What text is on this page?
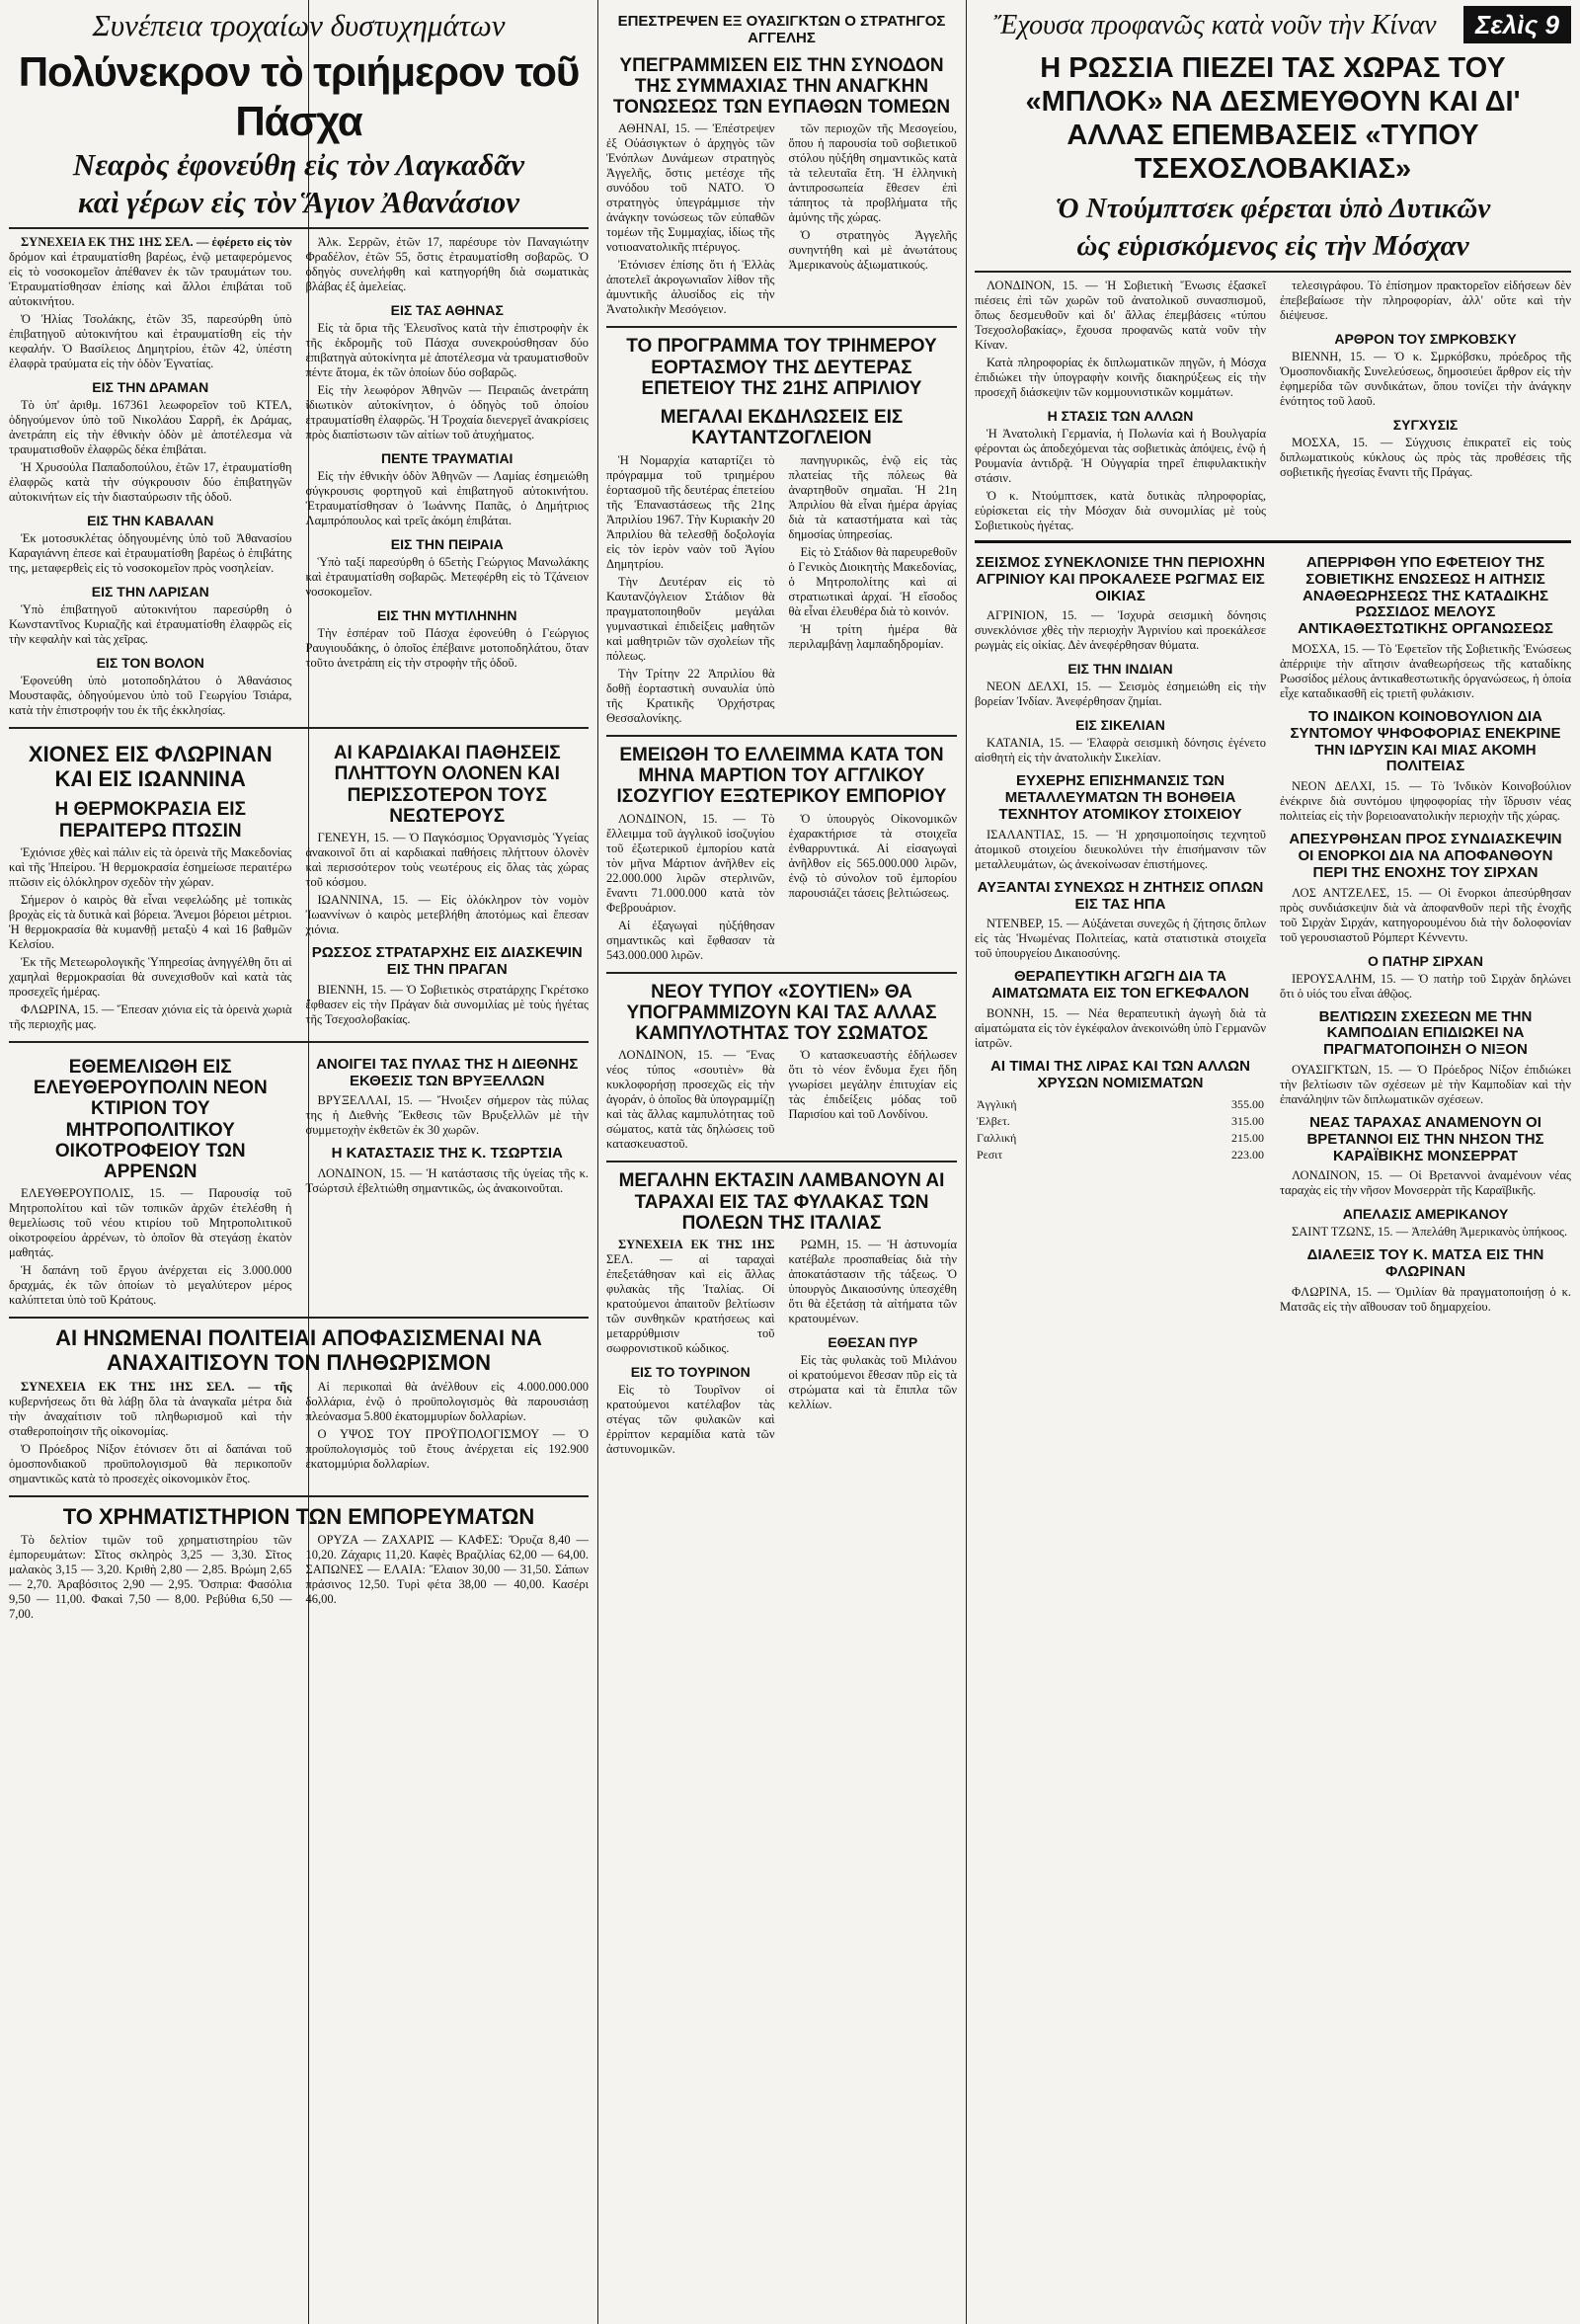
Συνέπεια τροχαίων δυστυχημάτων
Πολύνεκρον τὸ τριήμερον τοῦ Πάσχα
Νεαρὸς ἐφονεύθη εἰς τὸν Λαγκαδᾶν
καὶ γέρων εἰς τὸν Ἅγιον Ἀθανάσιον

ΣΥΝΕΧΕΙΑ ΕΚ ΤΗΣ 1ΗΣ ΣΕΛ. — ἐφέρετο εἰς τὸν δρόμον καὶ ἐτραυματίσθη βαρέως, ἐνῷ μεταφερόμενος εἰς τὸ νοσοκομεῖον ἀπέθανεν ἐκ τῶν τραυμάτων του. Ἐτραυματίσθησαν ἐπίσης καὶ ἄλλοι ἐπιβάται τοῦ αὐτοκινήτου.

Ὁ Ἠλίας Τσολάκης, ἐτῶν 35, παρεσύρθη ὑπὸ ἐπιβατηγοῦ αὐτοκινήτου καὶ ἐτραυματίσθη εἰς τὴν κεφαλήν. Ὁ Βασίλειος Δημητρίου, ἐτῶν 42, ὑπέστη ἐλαφρὰ τραύματα εἰς τὴν ὁδὸν Ἐγνατίας.

ΕΙΣ ΤΗΝ ΔΡΑΜΑΝ

Τὸ ὑπ' ἀριθμ. 167361 λεωφορεῖον τοῦ ΚΤΕΛ, ὁδηγούμενον ὑπὸ τοῦ Νικολάου Σαρρῆ, ἐκ Δράμας, ἀνετράπη εἰς τὴν ἐθνικὴν ὁδὸν μὲ ἀποτέλεσμα νὰ τραυματισθοῦν ἐλαφρῶς δέκα ἐπιβάται.

Ἡ Χρυσούλα Παπαδοπούλου, ἐτῶν 17, ἐτραυματίσθη ἐλαφρῶς κατὰ τὴν σύγκρουσιν δύο ἐπιβατηγῶν αὐτοκινήτων εἰς τὴν διασταύρωσιν τῆς ὁδοῦ.

ΕΙΣ ΤΗΝ ΚΑΒΑΛΑΝ

Ἐκ μοτοσυκλέτας ὁδηγουμένης ὑπὸ τοῦ Ἀθανασίου Καραγιάννη ἐπεσε καὶ ἐτραυματίσθη βαρέως ὁ ἐπιβάτης της, μεταφερθεὶς εἰς τὸ νοσοκομεῖον πρὸς νοσηλείαν.

ΕΙΣ ΤΗΝ ΛΑΡΙΣΑΝ

Ὑπὸ ἐπιβατηγοῦ αὐτοκινήτου παρεσύρθη ὁ Κωνσταντῖνος Κυριαζῆς καὶ ἐτραυματίσθη ἐλαφρῶς εἰς τὴν κεφαλὴν καὶ τὰς χεῖρας.

ΕΙΣ ΤΟΝ ΒΟΛΟΝ

Ἐφονεύθη ὑπὸ μοτοποδηλάτου ὁ Ἀθανάσιος Μουσταφᾶς, ὁδηγούμενου ὑπὸ τοῦ Γεωργίου Τσιάρα, κατὰ τὴν ἐπιστροφήν του ἐκ τῆς ἐκκλησίας.

Ἀλκ. Σερρῶν, ἐτῶν 17, παρέσυρε τὸν Παναγιώτην Φραδέλον, ἐτῶν 55, ὅστις ἐτραυματίσθη σοβαρῶς. Ὁ ὁδηγὸς συνελήφθη καὶ κατηγορήθη διὰ σωματικὰς βλάβας ἐξ ἀμελείας.

ΕΙΣ ΤΑΣ ΑΘΗΝΑΣ

Εἰς τὰ ὅρια τῆς Ἑλευσῖνος κατὰ τὴν ἐπιστροφὴν ἐκ τῆς ἐκδρομῆς τοῦ Πάσχα συνεκρούσθησαν δύο ἐπιβατηγὰ αὐτοκίνητα μὲ ἀποτέλεσμα νὰ τραυματισθοῦν πέντε ἄτομα, ἐκ τῶν ὁποίων δύο σοβαρῶς.

Εἰς τὴν λεωφόρον Ἀθηνῶν — Πειραιῶς ἀνετράπη ἰδιωτικὸν αὐτοκίνητον, ὁ ὁδηγὸς τοῦ ὁποίου ἐτραυματίσθη ἐλαφρῶς. Ἡ Τροχαία διενεργεῖ ἀνακρίσεις πρὸς διαπίστωσιν τῶν αἰτίων τοῦ ἀτυχήματος.

ΠΕΝΤΕ ΤΡΑΥΜΑΤΙΑΙ

Εἰς τὴν ἐθνικὴν ὁδὸν Ἀθηνῶν — Λαμίας ἐσημειώθη σύγκρουσις φορτηγοῦ καὶ ἐπιβατηγοῦ αὐτοκινήτου. Ἐτραυματίσθησαν ὁ Ἰωάννης Παπᾶς, ὁ Δημήτριος Λαμπρόπουλος καὶ τρεῖς ἀκόμη ἐπιβάται.

ΕΙΣ ΤΗΝ ΠΕΙΡΑΙΑ

Ὑπὸ ταξί παρεσύρθη ὁ 65ετὴς Γεώργιος Μανωλάκης καὶ ἐτραυματίσθη σοβαρῶς. Μετεφέρθη εἰς τὸ Τζάνειον νοσοκομεῖον.

ΕΙΣ ΤΗΝ ΜΥΤΙΛΗΝΗΝ

Τὴν ἑσπέραν τοῦ Πάσχα ἐφονεύθη ὁ Γεώργιος Ραυγιουδάκης, ὁ ὁποῖος ἐπέβαινε μοτοποδηλάτου, ὅταν τοῦτο ἀνετράπη εἰς τὴν στροφὴν τῆς ὁδοῦ.

ΧΙΟΝΕΣ ΕΙΣ ΦΛΩΡΙΝΑΝ ΚΑΙ ΕΙΣ ΙΩΑΝΝΙΝΑ
Η ΘΕΡΜΟΚΡΑΣΙΑ ΕΙΣ ΠΕΡΑΙΤΕΡΩ ΠΤΩΣΙΝ

Ἐχιόνισε χθὲς καὶ πάλιν εἰς τὰ ὀρεινὰ τῆς Μακεδονίας καὶ τῆς Ἠπείρου. Ἡ θερμοκρασία ἐσημείωσε περαιτέρω πτῶσιν εἰς ὁλόκληρον σχεδὸν τὴν χώραν.

Σήμερον ὁ καιρὸς θὰ εἶναι νεφελώδης μὲ τοπικὰς βροχὰς εἰς τὰ δυτικὰ καὶ βόρεια. Ἄνεμοι βόρειοι μέτριοι. Ἡ θερμοκρασία θὰ κυμανθῇ μεταξὺ 4 καὶ 16 βαθμῶν Κελσίου.

Ἐκ τῆς Μετεωρολογικῆς Ὑπηρεσίας ἀνηγγέλθη ὅτι αἱ χαμηλαὶ θερμοκρασίαι θὰ συνεχισθοῦν καὶ κατὰ τὰς προσεχεῖς ἡμέρας.

ΦΛΩΡΙΝΑ, 15. — Ἔπεσαν χιόνια εἰς τὰ ὀρεινὰ χωριὰ τῆς περιοχῆς μας.

ΑΙ ΚΑΡΔΙΑΚΑΙ ΠΑΘΗΣΕΙΣ ΠΛΗΤΤΟΥΝ ΟΛΟΝΕΝ ΚΑΙ ΠΕΡΙΣΣΟΤΕΡΟΝ ΤΟΥΣ ΝΕΩΤΕΡΟΥΣ

ΓΕΝΕΥΗ, 15. — Ὁ Παγκόσμιος Ὀργανισμὸς Ὑγείας ἀνακοινοῖ ὅτι αἱ καρδιακαὶ παθήσεις πλήττουν ὁλονὲν καὶ περισσότερον τοὺς νεωτέρους εἰς ὅλας τὰς χώρας τοῦ κόσμου.

ΙΩΑΝΝΙΝΑ, 15. — Εἰς ὁλόκληρον τὸν νομὸν Ἰωαννίνων ὁ καιρὸς μετεβλήθη ἀποτόμως καὶ ἔπεσαν χιόνια.

ΡΩΣΣΟΣ ΣΤΡΑΤΑΡΧΗΣ ΕΙΣ ΔΙΑΣΚΕΨΙΝ ΕΙΣ ΤΗΝ ΠΡΑΓΑΝ

ΒΙΕΝΝΗ, 15. — Ὁ Σοβιετικὸς στρατάρχης Γκρέτσκο ἔφθασεν εἰς τὴν Πράγαν διὰ συνομιλίας μὲ τοὺς ἡγέτας τῆς Τσεχοσλοβακίας.

ΕΘΕΜΕΛΙΩΘΗ ΕΙΣ ΕΛΕΥΘΕΡΟΥΠΟΛΙΝ ΝΕΟΝ ΚΤΙΡΙΟΝ ΤΟΥ ΜΗΤΡΟΠΟΛΙΤΙΚΟΥ ΟΙΚΟΤΡΟΦΕΙΟΥ ΤΩΝ ΑΡΡΕΝΩΝ

ΕΛΕΥΘΕΡΟΥΠΟΛΙΣ, 15. — Παρουσίᾳ τοῦ Μητροπολίτου καὶ τῶν τοπικῶν ἀρχῶν ἐτελέσθη ἡ θεμελίωσις τοῦ νέου κτιρίου τοῦ Μητροπολιτικοῦ οἰκοτροφείου ἀρρένων, τὸ ὁποῖον θὰ στεγάσῃ ἑκατὸν μαθητάς.

Ἡ δαπάνη τοῦ ἔργου ἀνέρχεται εἰς 3.000.000 δραχμάς, ἐκ τῶν ὁποίων τὸ μεγαλύτερον μέρος καλύπτεται ὑπὸ τοῦ Κράτους.

ΑΝΟΙΓΕΙ ΤΑΣ ΠΥΛΑΣ ΤΗΣ Η ΔΙΕΘΝΗΣ ΕΚΘΕΣΙΣ ΤΩΝ ΒΡΥΞΕΛΛΩΝ

ΒΡΥΞΕΛΛΑΙ, 15. — Ἤνοιξεν σήμερον τὰς πύλας της ἡ Διεθνὴς Ἔκθεσις τῶν Βρυξελλῶν μὲ τὴν συμμετοχὴν ἐκθετῶν ἐκ 30 χωρῶν.

Η ΚΑΤΑΣΤΑΣΙΣ ΤΗΣ Κ. ΤΣΩΡΤΣΙΑ

ΛΟΝΔΙΝΟΝ, 15. — Ἡ κατάστασις τῆς ὑγείας τῆς κ. Τσώρτσιλ ἐβελτιώθη σημαντικῶς, ὡς ἀνακοινοῦται.

ΑΙ ΗΝΩΜΕΝΑΙ ΠΟΛΙΤΕΙΑΙ ΑΠΟΦΑΣΙΣΜΕΝΑΙ ΝΑ ΑΝΑΧΑΙΤΙΣΟΥΝ ΤΟΝ ΠΛΗΘΩΡΙΣΜΟΝ

ΣΥΝΕΧΕΙΑ ΕΚ ΤΗΣ 1ΗΣ ΣΕΛ. — τῆς κυβερνήσεως ὅτι θὰ λάβῃ ὅλα τὰ ἀναγκαῖα μέτρα διὰ τὴν ἀναχαίτισιν τοῦ πληθωρισμοῦ καὶ τὴν σταθεροποίησιν τῆς οἰκονομίας.

Ὁ Πρόεδρος Νίξον ἐτόνισεν ὅτι αἱ δαπάναι τοῦ ὁμοσπονδιακοῦ προϋπολογισμοῦ θὰ περικοποῦν σημαντικῶς κατὰ τὸ προσεχὲς οἰκονομικὸν ἔτος.

Αἱ περικοπαὶ θὰ ἀνέλθουν εἰς 4.000.000.000 δολλάρια, ἐνῷ ὁ προϋπολογισμὸς θὰ παρουσιάσῃ πλεόνασμα 5.800 ἑκατομμυρίων δολλαρίων.

Ο ΥΨΟΣ ΤΟΥ ΠΡΟΫΠΟΛΟΓΙΣΜΟΥ — Ὁ προϋπολογισμὸς τοῦ ἔτους ἀνέρχεται εἰς 192.900 ἑκατομμύρια δολλαρίων.

ΤΟ ΧΡΗΜΑΤΙΣΤΗΡΙΟΝ ΤΩΝ ΕΜΠΟΡΕΥΜΑΤΩΝ

Τὸ δελτίον τιμῶν τοῦ χρηματιστηρίου τῶν ἐμπορευμάτων: Σῖτος σκληρὸς 3,25 — 3,30. Σῖτος μαλακὸς 3,15 — 3,20. Κριθὴ 2,80 — 2,85. Βρώμη 2,65 — 2,70. Ἀραβόσιτος 2,90 — 2,95. Ὄσπρια: Φασόλια 9,50 — 11,00. Φακαὶ 7,50 — 8,00. Ρεβύθια 6,50 — 7,00.

ΟΡΥΖΑ — ΖΑΧΑΡΙΣ — ΚΑΦΕΣ: Ὄρυζα 8,40 — 10,20. Ζάχαρις 11,20. Καφὲς Βραζιλίας 62,00 — 64,00. ΣΑΠΩΝΕΣ — ΕΛΑΙΑ: Ἔλαιον 30,00 — 31,50. Σάπων πράσινος 12,50. Τυρὶ φέτα 38,00 — 40,00. Κασέρι 46,00.

ΕΠΕΣΤΡΕΨΕΝ ΕΞ ΟΥΑΣΙΓΚΤΩΝ Ο ΣΤΡΑΤΗΓΟΣ ΑΓΓΕΛΗΣ
ΥΠΕΓΡΑΜΜΙΣΕΝ ΕΙΣ ΤΗΝ ΣΥΝΟΔΟΝ ΤΗΣ ΣΥΜΜΑΧΙΑΣ ΤΗΝ ΑΝΑΓΚΗΝ ΤΟΝΩΣΕΩΣ ΤΩΝ ΕΥΠΑΘΩΝ ΤΟΜΕΩΝ

ΑΘΗΝΑΙ, 15. — Ἐπέστρεψεν ἐξ Οὐάσιγκτων ὁ ἀρχηγὸς τῶν Ἐνόπλων Δυνάμεων στρατηγὸς Ἀγγελῆς, ὅστις μετέσχε τῆς συνόδου τοῦ ΝΑΤΟ. Ὁ στρατηγὸς ὑπεγράμμισε τὴν ἀνάγκην τονώσεως τῶν εὐπαθῶν τομέων τῆς Συμμαχίας, ἰδίως τῆς νοτιοανατολικῆς πτέρυγος.

Ἐτόνισεν ἐπίσης ὅτι ἡ Ἑλλὰς ἀποτελεῖ ἀκρογωνιαῖον λίθον τῆς ἀμυντικῆς ἀλυσίδος εἰς τὴν Ἀνατολικὴν Μεσόγειον.

τῶν περιοχῶν τῆς Μεσογείου, ὅπου ἡ παρουσία τοῦ σοβιετικοῦ στόλου ηὐξήθη σημαντικῶς κατὰ τὰ τελευταῖα ἔτη. Ἡ ἑλληνικὴ ἀντιπροσωπεία ἔθεσεν ἐπὶ τάπητος τὰ προβλήματα τῆς ἀμύνης τῆς χώρας.

Ὁ στρατηγὸς Ἀγγελῆς συνηντήθη καὶ μὲ ἀνωτάτους Ἀμερικανοὺς ἀξιωματικούς.

ΤΟ ΠΡΟΓΡΑΜΜΑ ΤΟΥ ΤΡΙΗΜΕΡΟΥ ΕΟΡΤΑΣΜΟΥ ΤΗΣ ΔΕΥΤΕΡΑΣ ΕΠΕΤΕΙΟΥ ΤΗΣ 21ΗΣ ΑΠΡΙΛΙΟΥ
ΜΕΓΑΛΑΙ ΕΚΔΗΛΩΣΕΙΣ ΕΙΣ ΚΑΥΤΑΝΤΖΟΓΛΕΙΟΝ

Ἡ Νομαρχία καταρτίζει τὸ πρόγραμμα τοῦ τριημέρου ἑορτασμοῦ τῆς δευτέρας ἐπετείου τῆς Ἐπαναστάσεως τῆς 21ης Ἀπριλίου 1967. Τὴν Κυριακὴν 20 Ἀπριλίου θὰ τελεσθῇ δοξολογία εἰς τὸν ἱερὸν ναὸν τοῦ Ἁγίου Δημητρίου.

Τὴν Δευτέραν εἰς τὸ Καυτανζόγλειον Στάδιον θὰ πραγματοποιηθοῦν μεγάλαι γυμναστικαὶ ἐπιδείξεις μαθητῶν καὶ μαθητριῶν τῶν σχολείων τῆς πόλεως.

Τὴν Τρίτην 22 Ἀπριλίου θὰ δοθῇ ἑορταστικὴ συναυλία ὑπὸ τῆς Κρατικῆς Ὀρχήστρας Θεσσαλονίκης.

πανηγυρικῶς, ἐνῷ εἰς τὰς πλατείας τῆς πόλεως θὰ ἀναρτηθοῦν σημαῖαι. Ἡ 21η Ἀπριλίου θὰ εἶναι ἡμέρα ἀργίας διὰ τὰ καταστήματα καὶ τὰς δημοσίας ὑπηρεσίας.

Εἰς τὸ Στάδιον θὰ παρευρεθοῦν ὁ Γενικὸς Διοικητὴς Μακεδονίας, ὁ Μητροπολίτης καὶ αἱ στρατιωτικαὶ ἀρχαί. Ἡ εἴσοδος θὰ εἶναι ἐλευθέρα διὰ τὸ κοινόν.

Ἡ τρίτη ἡμέρα θὰ περιλαμβάνῃ λαμπαδηδρομίαν.

ΕΜΕΙΩΘΗ ΤΟ ΕΛΛΕΙΜΜΑ ΚΑΤΑ ΤΟΝ ΜΗΝΑ ΜΑΡΤΙΟΝ ΤΟΥ ΑΓΓΛΙΚΟΥ ΙΣΟΖΥΓΙΟΥ ΕΞΩΤΕΡΙΚΟΥ ΕΜΠΟΡΙΟΥ

ΛΟΝΔΙΝΟΝ, 15. — Τὸ ἔλλειμμα τοῦ ἀγγλικοῦ ἰσοζυγίου τοῦ ἐξωτερικοῦ ἐμπορίου κατὰ τὸν μῆνα Μάρτιον ἀνῆλθεν εἰς 22.000.000 λιρῶν στερλινῶν, ἔναντι 71.000.000 κατὰ τὸν Φεβρουάριον.

Αἱ ἐξαγωγαὶ ηὐξήθησαν σημαντικῶς καὶ ἔφθασαν τὰ 543.000.000 λιρῶν.

Ὁ ὑπουργὸς Οἰκονομικῶν ἐχαρακτήρισε τὰ στοιχεῖα ἐνθαρρυντικά. Αἱ εἰσαγωγαὶ ἀνῆλθον εἰς 565.000.000 λιρῶν, ἐνῷ τὸ σύνολον τοῦ ἐμπορίου παρουσιάζει τάσεις βελτιώσεως.

ΝΕΟΥ ΤΥΠΟΥ «ΣΟΥΤΙΕΝ» ΘΑ ΥΠΟΓΡΑΜΜΙΖΟΥΝ ΚΑΙ ΤΑΣ ΑΛΛΑΣ ΚΑΜΠΥΛΟΤΗΤΑΣ ΤΟΥ ΣΩΜΑΤΟΣ

ΛΟΝΔΙΝΟΝ, 15. — Ἕνας νέος τύπος «σουτιὲν» θὰ κυκλοφορήσῃ προσεχῶς εἰς τὴν ἀγοράν, ὁ ὁποῖος θὰ ὑπογραμμίζῃ καὶ τὰς ἄλλας καμπυλότητας τοῦ σώματος, κατὰ τὰς δηλώσεις τοῦ κατασκευαστοῦ.

Ὁ κατασκευαστὴς ἐδήλωσεν ὅτι τὸ νέον ἔνδυμα ἔχει ἤδη γνωρίσει μεγάλην ἐπιτυχίαν εἰς τὰς ἐπιδείξεις μόδας τοῦ Παρισίου καὶ τοῦ Λονδίνου.

ΜΕΓΑΛΗΝ ΕΚΤΑΣΙΝ ΛΑΜΒΑΝΟΥΝ ΑΙ ΤΑΡΑΧΑΙ ΕΙΣ ΤΑΣ ΦΥΛΑΚΑΣ ΤΩΝ ΠΟΛΕΩΝ ΤΗΣ ΙΤΑΛΙΑΣ

ΣΥΝΕΧΕΙΑ ΕΚ ΤΗΣ 1ΗΣ ΣΕΛ. — αἱ ταραχαὶ ἐπεξετάθησαν καὶ εἰς ἄλλας φυλακὰς τῆς Ἰταλίας. Οἱ κρατούμενοι ἀπαιτοῦν βελτίωσιν τῶν συνθηκῶν κρατήσεως καὶ μεταρρύθμισιν τοῦ σωφρονιστικοῦ κώδικος.

ΕΙΣ ΤΟ ΤΟΥΡΙΝΟΝ

Εἰς τὸ Τουρῖνον οἱ κρατούμενοι κατέλαβον τὰς στέγας τῶν φυλακῶν καὶ ἐρρίπτον κεραμίδια κατὰ τῶν ἀστυνομικῶν.

ΡΩΜΗ, 15. — Ἡ ἀστυνομία κατέβαλε προσπαθείας διὰ τὴν ἀποκατάστασιν τῆς τάξεως. Ὁ ὑπουργὸς Δικαιοσύνης ὑπεσχέθη ὅτι θὰ ἐξετάσῃ τὰ αἰτήματα τῶν κρατουμένων.

ΕΘΕΣΑΝ ΠΥΡ

Εἰς τὰς φυλακὰς τοῦ Μιλάνου οἱ κρατούμενοι ἔθεσαν πῦρ εἰς τὰ στρώματα καὶ τὰ ἔπιπλα τῶν κελλίων.

Σελὶς 9
Ἔχουσα προφανῶς κατὰ νοῦν τὴν Κίναν
Η ΡΩΣΣΙΑ ΠΙΕΖΕΙ ΤΑΣ ΧΩΡΑΣ ΤΟΥ «ΜΠΛΟΚ» ΝΑ ΔΕΣΜΕΥΘΟΥΝ ΚΑΙ ΔΙ' ΑΛΛΑΣ ΕΠΕΜΒΑΣΕΙΣ «ΤΥΠΟΥ ΤΣΕΧΟΣΛΟΒΑΚΙΑΣ»
Ὁ Ντούμπτσεκ φέρεται ὑπὸ Δυτικῶν
ὡς εὑρισκόμενος εἰς τὴν Μόσχαν

ΛΟΝΔΙΝΟΝ, 15. — Ἡ Σοβιετικὴ Ἕνωσις ἐξασκεῖ πιέσεις ἐπὶ τῶν χωρῶν τοῦ ἀνατολικοῦ συνασπισμοῦ, ὅπως δεσμευθοῦν καὶ δι' ἄλλας ἐπεμβάσεις «τύπου Τσεχοσλοβακίας», ἔχουσα προφανῶς κατὰ νοῦν τὴν Κίναν.

Κατὰ πληροφορίας ἐκ διπλωματικῶν πηγῶν, ἡ Μόσχα ἐπιδιώκει τὴν ὑπογραφὴν κοινῆς διακηρύξεως εἰς τὴν προσεχῆ διάσκεψιν τῶν κομμουνιστικῶν κομμάτων.

Η ΣΤΑΣΙΣ ΤΩΝ ΑΛΛΩΝ

Ἡ Ἀνατολικὴ Γερμανία, ἡ Πολωνία καὶ ἡ Βουλγαρία φέρονται ὡς ἀποδεχόμεναι τὰς σοβιετικὰς ἀπόψεις, ἐνῷ ἡ Ρουμανία ἀντιδρᾷ. Ἡ Οὐγγαρία τηρεῖ ἐπιφυλακτικὴν στάσιν.

Ὁ κ. Ντούμπτσεκ, κατὰ δυτικὰς πληροφορίας, εὑρίσκεται εἰς τὴν Μόσχαν διὰ συνομιλίας μὲ τοὺς Σοβιετικοὺς ἡγέτας.

τελεσιγράφου. Τὸ ἐπίσημον πρακτορεῖον εἰδήσεων δὲν ἐπεβεβαίωσε τὴν πληροφορίαν, ἀλλ' οὔτε καὶ τὴν διέψευσε.

ΑΡΘΡΟΝ ΤΟΥ ΣΜΡΚΟΒΣΚΥ

ΒΙΕΝΝΗ, 15. — Ὁ κ. Σμρκόβσκυ, πρόεδρος τῆς Ὁμοσπονδιακῆς Συνελεύσεως, δημοσιεύει ἄρθρον εἰς τὴν ἐφημερίδα τῶν συνδικάτων, ὅπου τονίζει τὴν ἀνάγκην ἑνότητος τοῦ λαοῦ.

ΣΥΓΧΥΣΙΣ

ΜΟΣΧΑ, 15. — Σύγχυσις ἐπικρατεῖ εἰς τοὺς διπλωματικοὺς κύκλους ὡς πρὸς τὰς προθέσεις τῆς σοβιετικῆς ἡγεσίας ἔναντι τῆς Πράγας.

ΣΕΙΣΜΟΣ ΣΥΝΕΚΛΟΝΙΣΕ ΤΗΝ ΠΕΡΙΟΧΗΝ ΑΓΡΙΝΙΟΥ ΚΑΙ ΠΡΟΚΑΛΕΣΕ ΡΩΓΜΑΣ ΕΙΣ ΟΙΚΙΑΣ

ΑΓΡΙΝΙΟΝ, 15. — Ἰσχυρὰ σεισμικὴ δόνησις συνεκλόνισε χθὲς τὴν περιοχὴν Ἀγρινίου καὶ προεκάλεσε ρωγμὰς εἰς οἰκίας. Δὲν ἀνεφέρθησαν θύματα.

ΕΙΣ ΤΗΝ ΙΝΔΙΑΝ

ΝΕΟΝ ΔΕΛΧΙ, 15. — Σεισμὸς ἐσημειώθη εἰς τὴν βορείαν Ἰνδίαν. Ἀνεφέρθησαν ζημίαι.

ΕΙΣ ΣΙΚΕΛΙΑΝ

ΚΑΤΑΝΙΑ, 15. — Ἐλαφρὰ σεισμικὴ δόνησις ἐγένετο αἰσθητὴ εἰς τὴν ἀνατολικὴν Σικελίαν.

ΕΥΧΕΡΗΣ ΕΠΙΣΗΜΑΝΣΙΣ ΤΩΝ ΜΕΤΑΛΛΕΥΜΑΤΩΝ ΤΗ ΒΟΗΘΕΙΑ ΤΕΧΝΗΤΟΥ ΑΤΟΜΙΚΟΥ ΣΤΟΙΧΕΙΟΥ

ΙΣΑΛΑΝΤΙΑΣ, 15. — Ἡ χρησιμοποίησις τεχνητοῦ ἀτομικοῦ στοιχείου διευκολύνει τὴν ἐπισήμανσιν τῶν μεταλλευμάτων, ὡς ἀνεκοίνωσαν ἐπιστήμονες.

ΑΥΞΑΝΤΑΙ ΣΥΝΕΧΩΣ Η ΖΗΤΗΣΙΣ ΟΠΛΩΝ ΕΙΣ ΤΑΣ ΗΠΑ

ΝΤΕΝΒΕΡ, 15. — Αὐξάνεται συνεχῶς ἡ ζήτησις ὅπλων εἰς τὰς Ἡνωμένας Πολιτείας, κατὰ στατιστικὰ στοιχεῖα τοῦ ὑπουργείου Δικαιοσύνης.

ΘΕΡΑΠΕΥΤΙΚΗ ΑΓΩΓΗ ΔΙΑ ΤΑ ΑΙΜΑΤΩΜΑΤΑ ΕΙΣ ΤΟΝ ΕΓΚΕΦΑΛΟΝ

ΒΟΝΝΗ, 15. — Νέα θεραπευτικὴ ἀγωγὴ διὰ τὰ αἱματώματα εἰς τὸν ἐγκέφαλον ἀνεκοινώθη ὑπὸ Γερμανῶν ἰατρῶν.

ΑΙ ΤΙΜΑΙ ΤΗΣ ΛΙΡΑΣ ΚΑΙ ΤΩΝ ΑΛΛΩΝ ΧΡΥΣΩΝ ΝΟΜΙΣΜΑΤΩΝ
Ἀγγλική	355.00
Ἑλβετ.	315.00
Γαλλική	215.00
Ρεσιτ	223.00
ΑΠΕΡΡΙΦΘΗ ΥΠΟ ΕΦΕΤΕΙΟΥ ΤΗΣ ΣΟΒΙΕΤΙΚΗΣ ΕΝΩΣΕΩΣ Η ΑΙΤΗΣΙΣ ΑΝΑΘΕΩΡΗΣΕΩΣ ΤΗΣ ΚΑΤΑΔΙΚΗΣ ΡΩΣΣΙΔΟΣ ΜΕΛΟΥΣ ΑΝΤΙΚΑΘΕΣΤΩΤΙΚΗΣ ΟΡΓΑΝΩΣΕΩΣ

ΜΟΣΧΑ, 15. — Τὸ Ἐφετεῖον τῆς Σοβιετικῆς Ἑνώσεως ἀπέρριψε τὴν αἴτησιν ἀναθεωρήσεως τῆς καταδίκης Ρωσσίδος μέλους ἀντικαθεστωτικῆς ὀργανώσεως, ἡ ὁποία εἶχε καταδικασθῆ εἰς τριετῆ φυλάκισιν.

ΤΟ ΙΝΔΙΚΟΝ ΚΟΙΝΟΒΟΥΛΙΟΝ ΔΙΑ ΣΥΝΤΟΜΟΥ ΨΗΦΟΦΟΡΙΑΣ ΕΝΕΚΡΙΝΕ ΤΗΝ ΙΔΡΥΣΙΝ ΚΑΙ ΜΙΑΣ ΑΚΟΜΗ ΠΟΛΙΤΕΙΑΣ

ΝΕΟΝ ΔΕΛΧΙ, 15. — Τὸ Ἰνδικὸν Κοινοβούλιον ἐνέκρινε διὰ συντόμου ψηφοφορίας τὴν ἵδρυσιν νέας πολιτείας εἰς τὴν βορειοανατολικὴν περιοχὴν τῆς χώρας.

ΑΠΕΣΥΡΘΗΣΑΝ ΠΡΟΣ ΣΥΝΔΙΑΣΚΕΨΙΝ ΟΙ ΕΝΟΡΚΟΙ ΔΙΑ ΝΑ ΑΠΟΦΑΝΘΟΥΝ ΠΕΡΙ ΤΗΣ ΕΝΟΧΗΣ ΤΟΥ ΣΙΡΧΑΝ

ΛΟΣ ΑΝΤΖΕΛΕΣ, 15. — Οἱ ἔνορκοι ἀπεσύρθησαν πρὸς συνδιάσκεψιν διὰ νὰ ἀποφανθοῦν περὶ τῆς ἐνοχῆς τοῦ Σιρχὰν Σιρχάν, κατηγορουμένου διὰ τὴν δολοφονίαν τοῦ γερουσιαστοῦ Ρόμπερτ Κέννεντυ.

Ο ΠΑΤΗΡ ΣΙΡΧΑΝ

ΙΕΡΟΥΣΑΛΗΜ, 15. — Ὁ πατὴρ τοῦ Σιρχὰν δηλώνει ὅτι ὁ υἱός του εἶναι ἀθῷος.

ΒΕΛΤΙΩΣΙΝ ΣΧΕΣΕΩΝ ΜΕ ΤΗΝ ΚΑΜΠΟΔΙΑΝ ΕΠΙΔΙΩΚΕΙ ΝΑ ΠΡΑΓΜΑΤΟΠΟΙΗΣΗ Ο ΝΙΞΟΝ

ΟΥΑΣΙΓΚΤΩΝ, 15. — Ὁ Πρόεδρος Νίξον ἐπιδιώκει τὴν βελτίωσιν τῶν σχέσεων μὲ τὴν Καμποδίαν καὶ τὴν ἐπανάληψιν τῶν διπλωματικῶν σχέσεων.

ΝΕΑΣ ΤΑΡΑΧΑΣ ΑΝΑΜΕΝΟΥΝ ΟΙ ΒΡΕΤΑΝΝΟΙ ΕΙΣ ΤΗΝ ΝΗΣΟΝ ΤΗΣ ΚΑΡΑΪΒΙΚΗΣ ΜΟΝΣΕΡΡΑΤ

ΛΟΝΔΙΝΟΝ, 15. — Οἱ Βρεταννοὶ ἀναμένουν νέας ταραχὰς εἰς τὴν νῆσον Μονσερρὰτ τῆς Καραϊβικῆς.

ΑΠΕΛΑΣΙΣ ΑΜΕΡΙΚΑΝΟΥ

ΣΑΙΝΤ ΤΖΩΝΣ, 15. — Ἀπελάθη Ἀμερικανὸς ὑπήκοος.

ΔΙΑΛΕΞΙΣ ΤΟΥ Κ. ΜΑΤΣΑ ΕΙΣ ΤΗΝ ΦΛΩΡΙΝΑΝ

ΦΛΩΡΙΝΑ, 15. — Ὁμιλίαν θὰ πραγματοποιήσῃ ὁ κ. Ματσᾶς εἰς τὴν αἴθουσαν τοῦ δημαρχείου.
